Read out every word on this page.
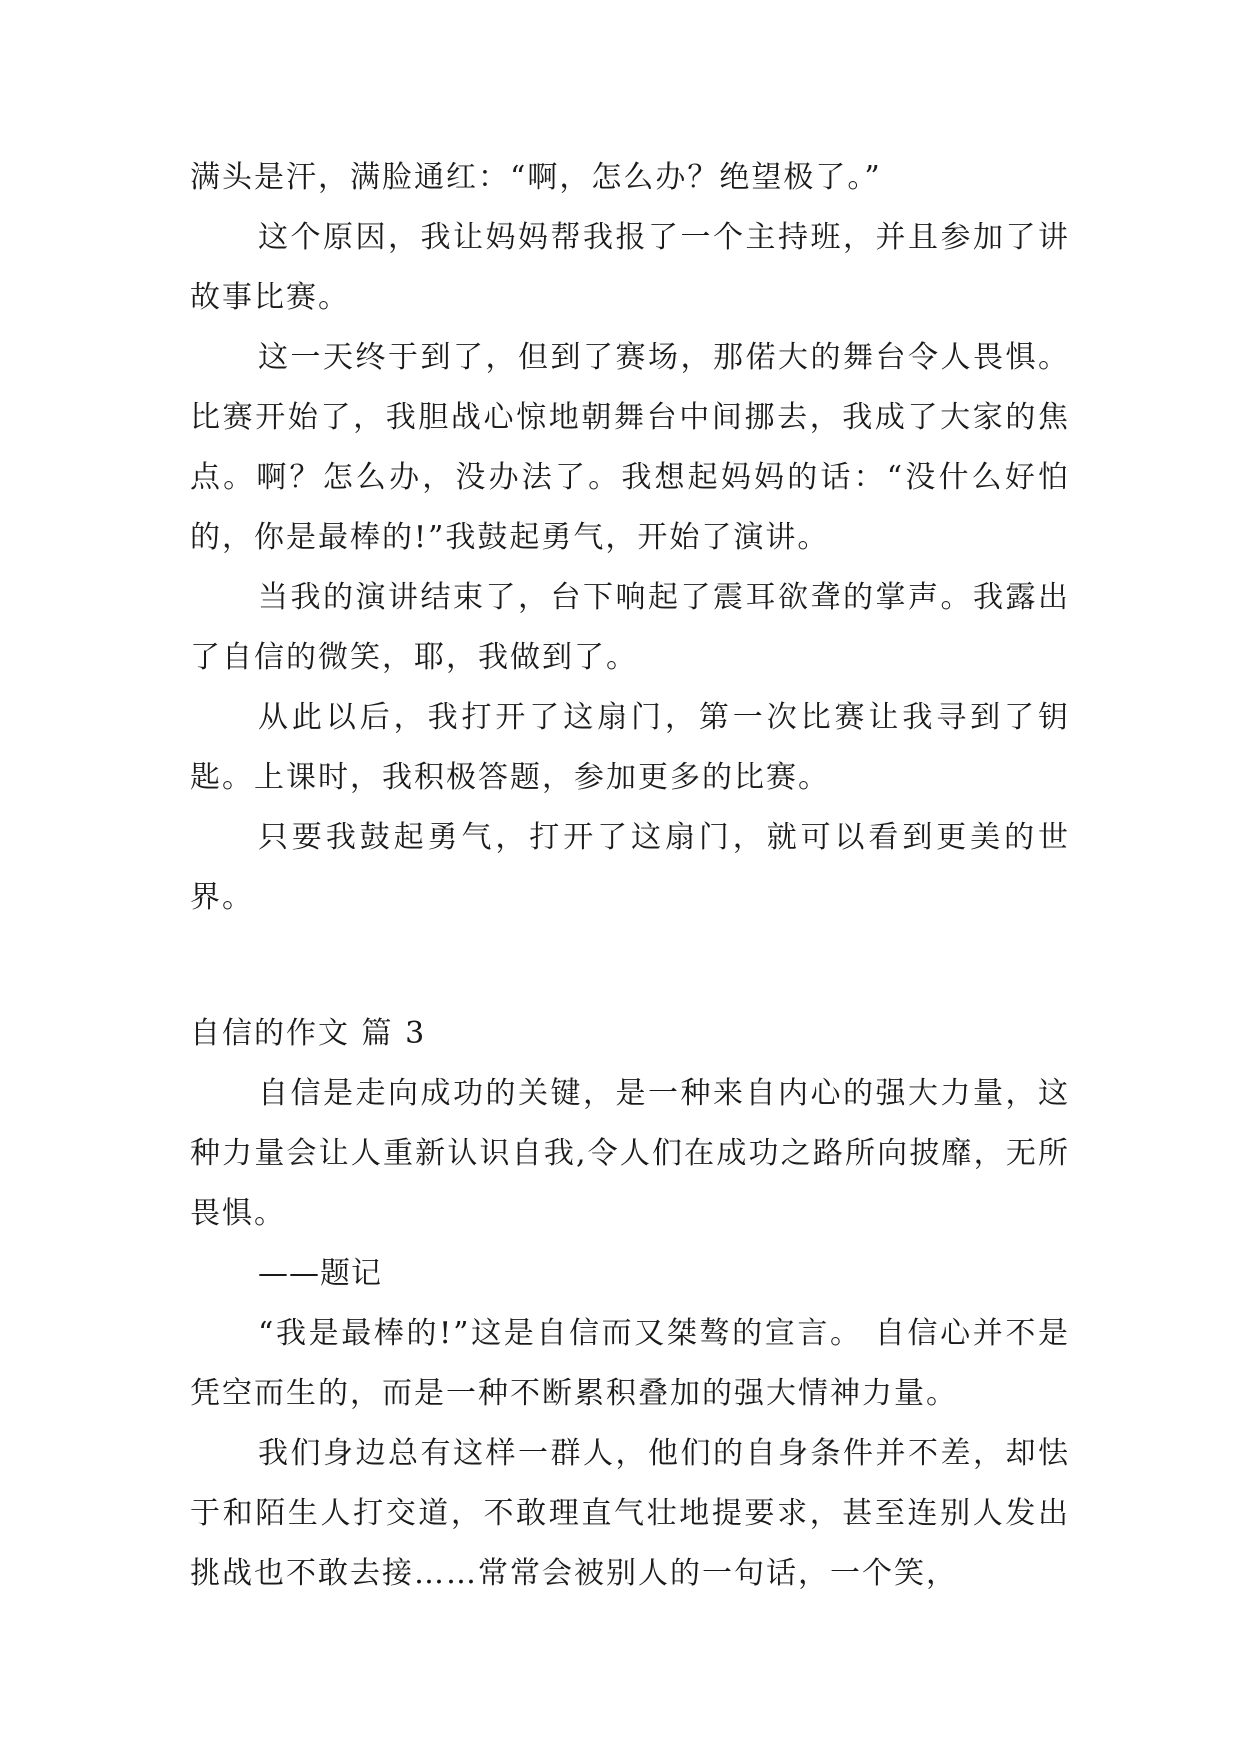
满头是汗，满脸通红：“啊，怎么办？绝望极了。”

这个原因，我让妈妈帮我报了一个主持班，并且参加了讲故事比赛。

这一天终于到了，但到了赛场，那偌大的舞台令人畏惧。比赛开始了，我胆战心惊地朝舞台中间挪去，我成了大家的焦点。啊？怎么办，没办法了。我想起妈妈的话：“没什么好怕的，你是最棒的!”我鼓起勇气，开始了演讲。

当我的演讲结束了，台下响起了震耳欲聋的掌声。我露出了自信的微笑，耶，我做到了。

从此以后，我打开了这扇门，第一次比赛让我寻到了钥匙。上课时，我积极答题，参加更多的比赛。

只要我鼓起勇气，打开了这扇门，就可以看到更美的世界。

自信的作文 篇 3

自信是走向成功的关键，是一种来自内心的强大力量，这种力量会让人重新认识自我,令人们在成功之路所向披靡，无所畏惧。

——题记

“我是最棒的!”这是自信而又桀骜的宣言。 自信心并不是凭空而生的，而是一种不断累积叠加的强大情神力量。

我们身边总有这样一群人，他们的自身条件并不差，却怯于和陌生人打交道，不敢理直气壮地提要求，甚至连别人发出挑战也不敢去接……常常会被别人的一句话，一个笑，
